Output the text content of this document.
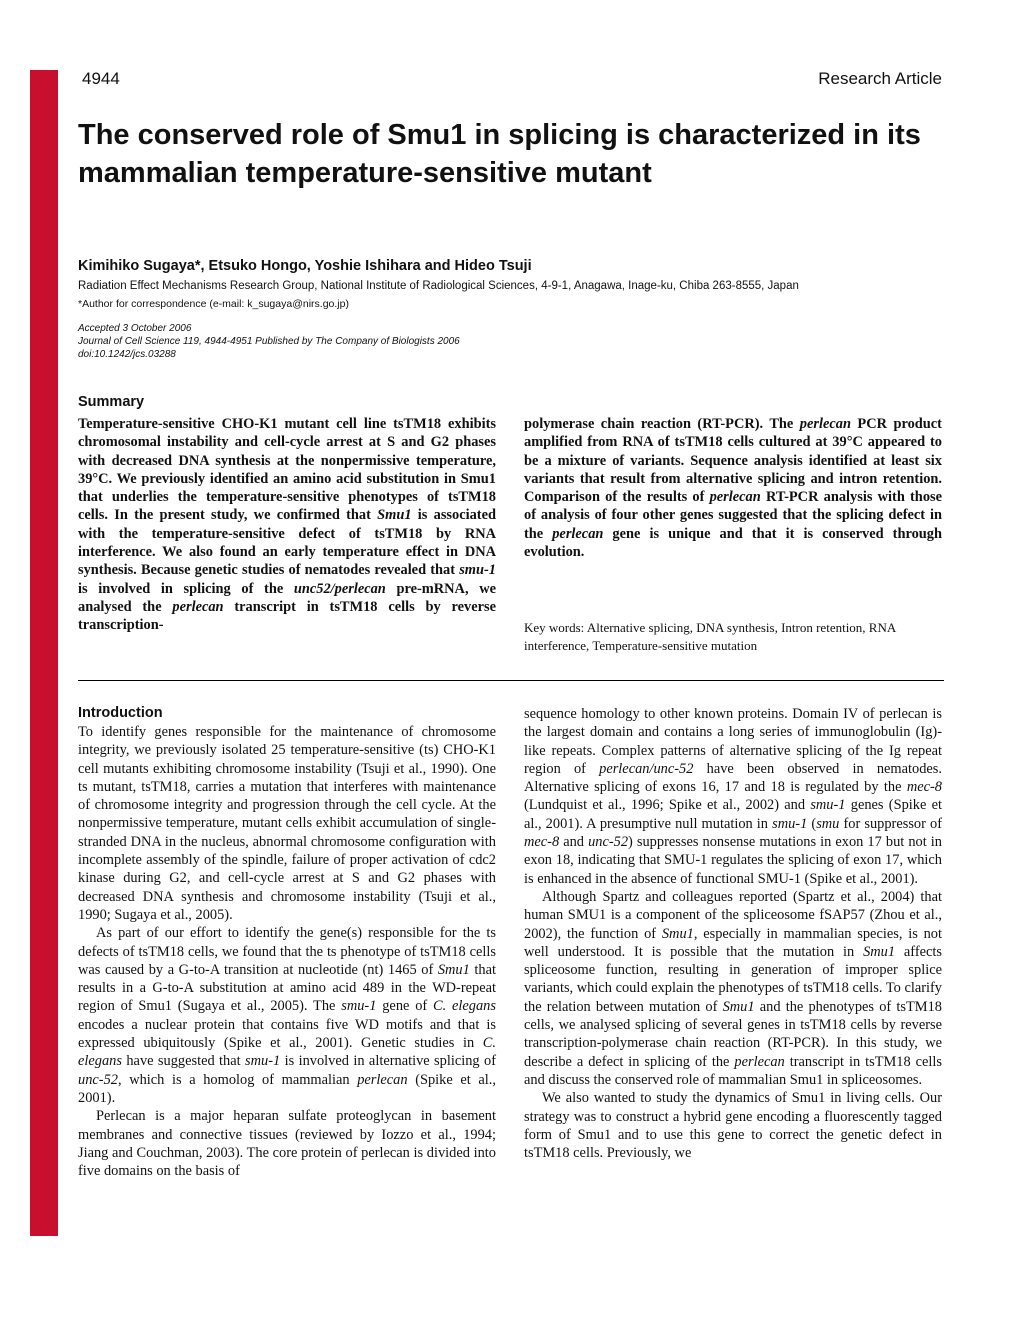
Journal of Cell Science
4944	Research Article
The conserved role of Smu1 in splicing is characterized in its mammalian temperature-sensitive mutant
Kimihiko Sugaya*, Etsuko Hongo, Yoshie Ishihara and Hideo Tsuji
Radiation Effect Mechanisms Research Group, National Institute of Radiological Sciences, 4-9-1, Anagawa, Inage-ku, Chiba 263-8555, Japan
*Author for correspondence (e-mail: k_sugaya@nirs.go.jp)
Accepted 3 October 2006
Journal of Cell Science 119, 4944-4951 Published by The Company of Biologists 2006
doi:10.1242/jcs.03288
Summary

Temperature-sensitive CHO-K1 mutant cell line tsTM18 exhibits chromosomal instability and cell-cycle arrest at S and G2 phases with decreased DNA synthesis at the nonpermissive temperature, 39°C. We previously identified an amino acid substitution in Smu1 that underlies the temperature-sensitive phenotypes of tsTM18 cells. In the present study, we confirmed that Smu1 is associated with the temperature-sensitive defect of tsTM18 by RNA interference. We also found an early temperature effect in DNA synthesis. Because genetic studies of nematodes revealed that smu-1 is involved in splicing of the unc52/perlecan pre-mRNA, we analysed the perlecan transcript in tsTM18 cells by reverse transcription-

polymerase chain reaction (RT-PCR). The perlecan PCR product amplified from RNA of tsTM18 cells cultured at 39°C appeared to be a mixture of variants. Sequence analysis identified at least six variants that result from alternative splicing and intron retention. Comparison of the results of perlecan RT-PCR analysis with those of analysis of four other genes suggested that the splicing defect in the perlecan gene is unique and that it is conserved through evolution.

Key words: Alternative splicing, DNA synthesis, Intron retention, RNA interference, Temperature-sensitive mutation
Introduction

To identify genes responsible for the maintenance of chromosome integrity, we previously isolated 25 temperature-sensitive (ts) CHO-K1 cell mutants exhibiting chromosome instability (Tsuji et al., 1990). One ts mutant, tsTM18, carries a mutation that interferes with maintenance of chromosome integrity and progression through the cell cycle. At the nonpermissive temperature, mutant cells exhibit accumulation of single-stranded DNA in the nucleus, abnormal chromosome configuration with incomplete assembly of the spindle, failure of proper activation of cdc2 kinase during G2, and cell-cycle arrest at S and G2 phases with decreased DNA synthesis and chromosome instability (Tsuji et al., 1990; Sugaya et al., 2005).

As part of our effort to identify the gene(s) responsible for the ts defects of tsTM18 cells, we found that the ts phenotype of tsTM18 cells was caused by a G-to-A transition at nucleotide (nt) 1465 of Smu1 that results in a G-to-A substitution at amino acid 489 in the WD-repeat region of Smu1 (Sugaya et al., 2005). The smu-1 gene of C. elegans encodes a nuclear protein that contains five WD motifs and that is expressed ubiquitously (Spike et al., 2001). Genetic studies in C. elegans have suggested that smu-1 is involved in alternative splicing of unc-52, which is a homolog of mammalian perlecan (Spike et al., 2001).

Perlecan is a major heparan sulfate proteoglycan in basement membranes and connective tissues (reviewed by Iozzo et al., 1994; Jiang and Couchman, 2003). The core protein of perlecan is divided into five domains on the basis of

sequence homology to other known proteins. Domain IV of perlecan is the largest domain and contains a long series of immunoglobulin (Ig)-like repeats. Complex patterns of alternative splicing of the Ig repeat region of perlecan/unc-52 have been observed in nematodes. Alternative splicing of exons 16, 17 and 18 is regulated by the mec-8 (Lundquist et al., 1996; Spike et al., 2002) and smu-1 genes (Spike et al., 2001). A presumptive null mutation in smu-1 (smu for suppressor of mec-8 and unc-52) suppresses nonsense mutations in exon 17 but not in exon 18, indicating that SMU-1 regulates the splicing of exon 17, which is enhanced in the absence of functional SMU-1 (Spike et al., 2001).

Although Spartz and colleagues reported (Spartz et al., 2004) that human SMU1 is a component of the spliceosome fSAP57 (Zhou et al., 2002), the function of Smu1, especially in mammalian species, is not well understood. It is possible that the mutation in Smu1 affects spliceosome function, resulting in generation of improper splice variants, which could explain the phenotypes of tsTM18 cells. To clarify the relation between mutation of Smu1 and the phenotypes of tsTM18 cells, we analysed splicing of several genes in tsTM18 cells by reverse transcription-polymerase chain reaction (RT-PCR). In this study, we describe a defect in splicing of the perlecan transcript in tsTM18 cells and discuss the conserved role of mammalian Smu1 in spliceosomes.

We also wanted to study the dynamics of Smu1 in living cells. Our strategy was to construct a hybrid gene encoding a fluorescently tagged form of Smu1 and to use this gene to correct the genetic defect in tsTM18 cells. Previously, we
